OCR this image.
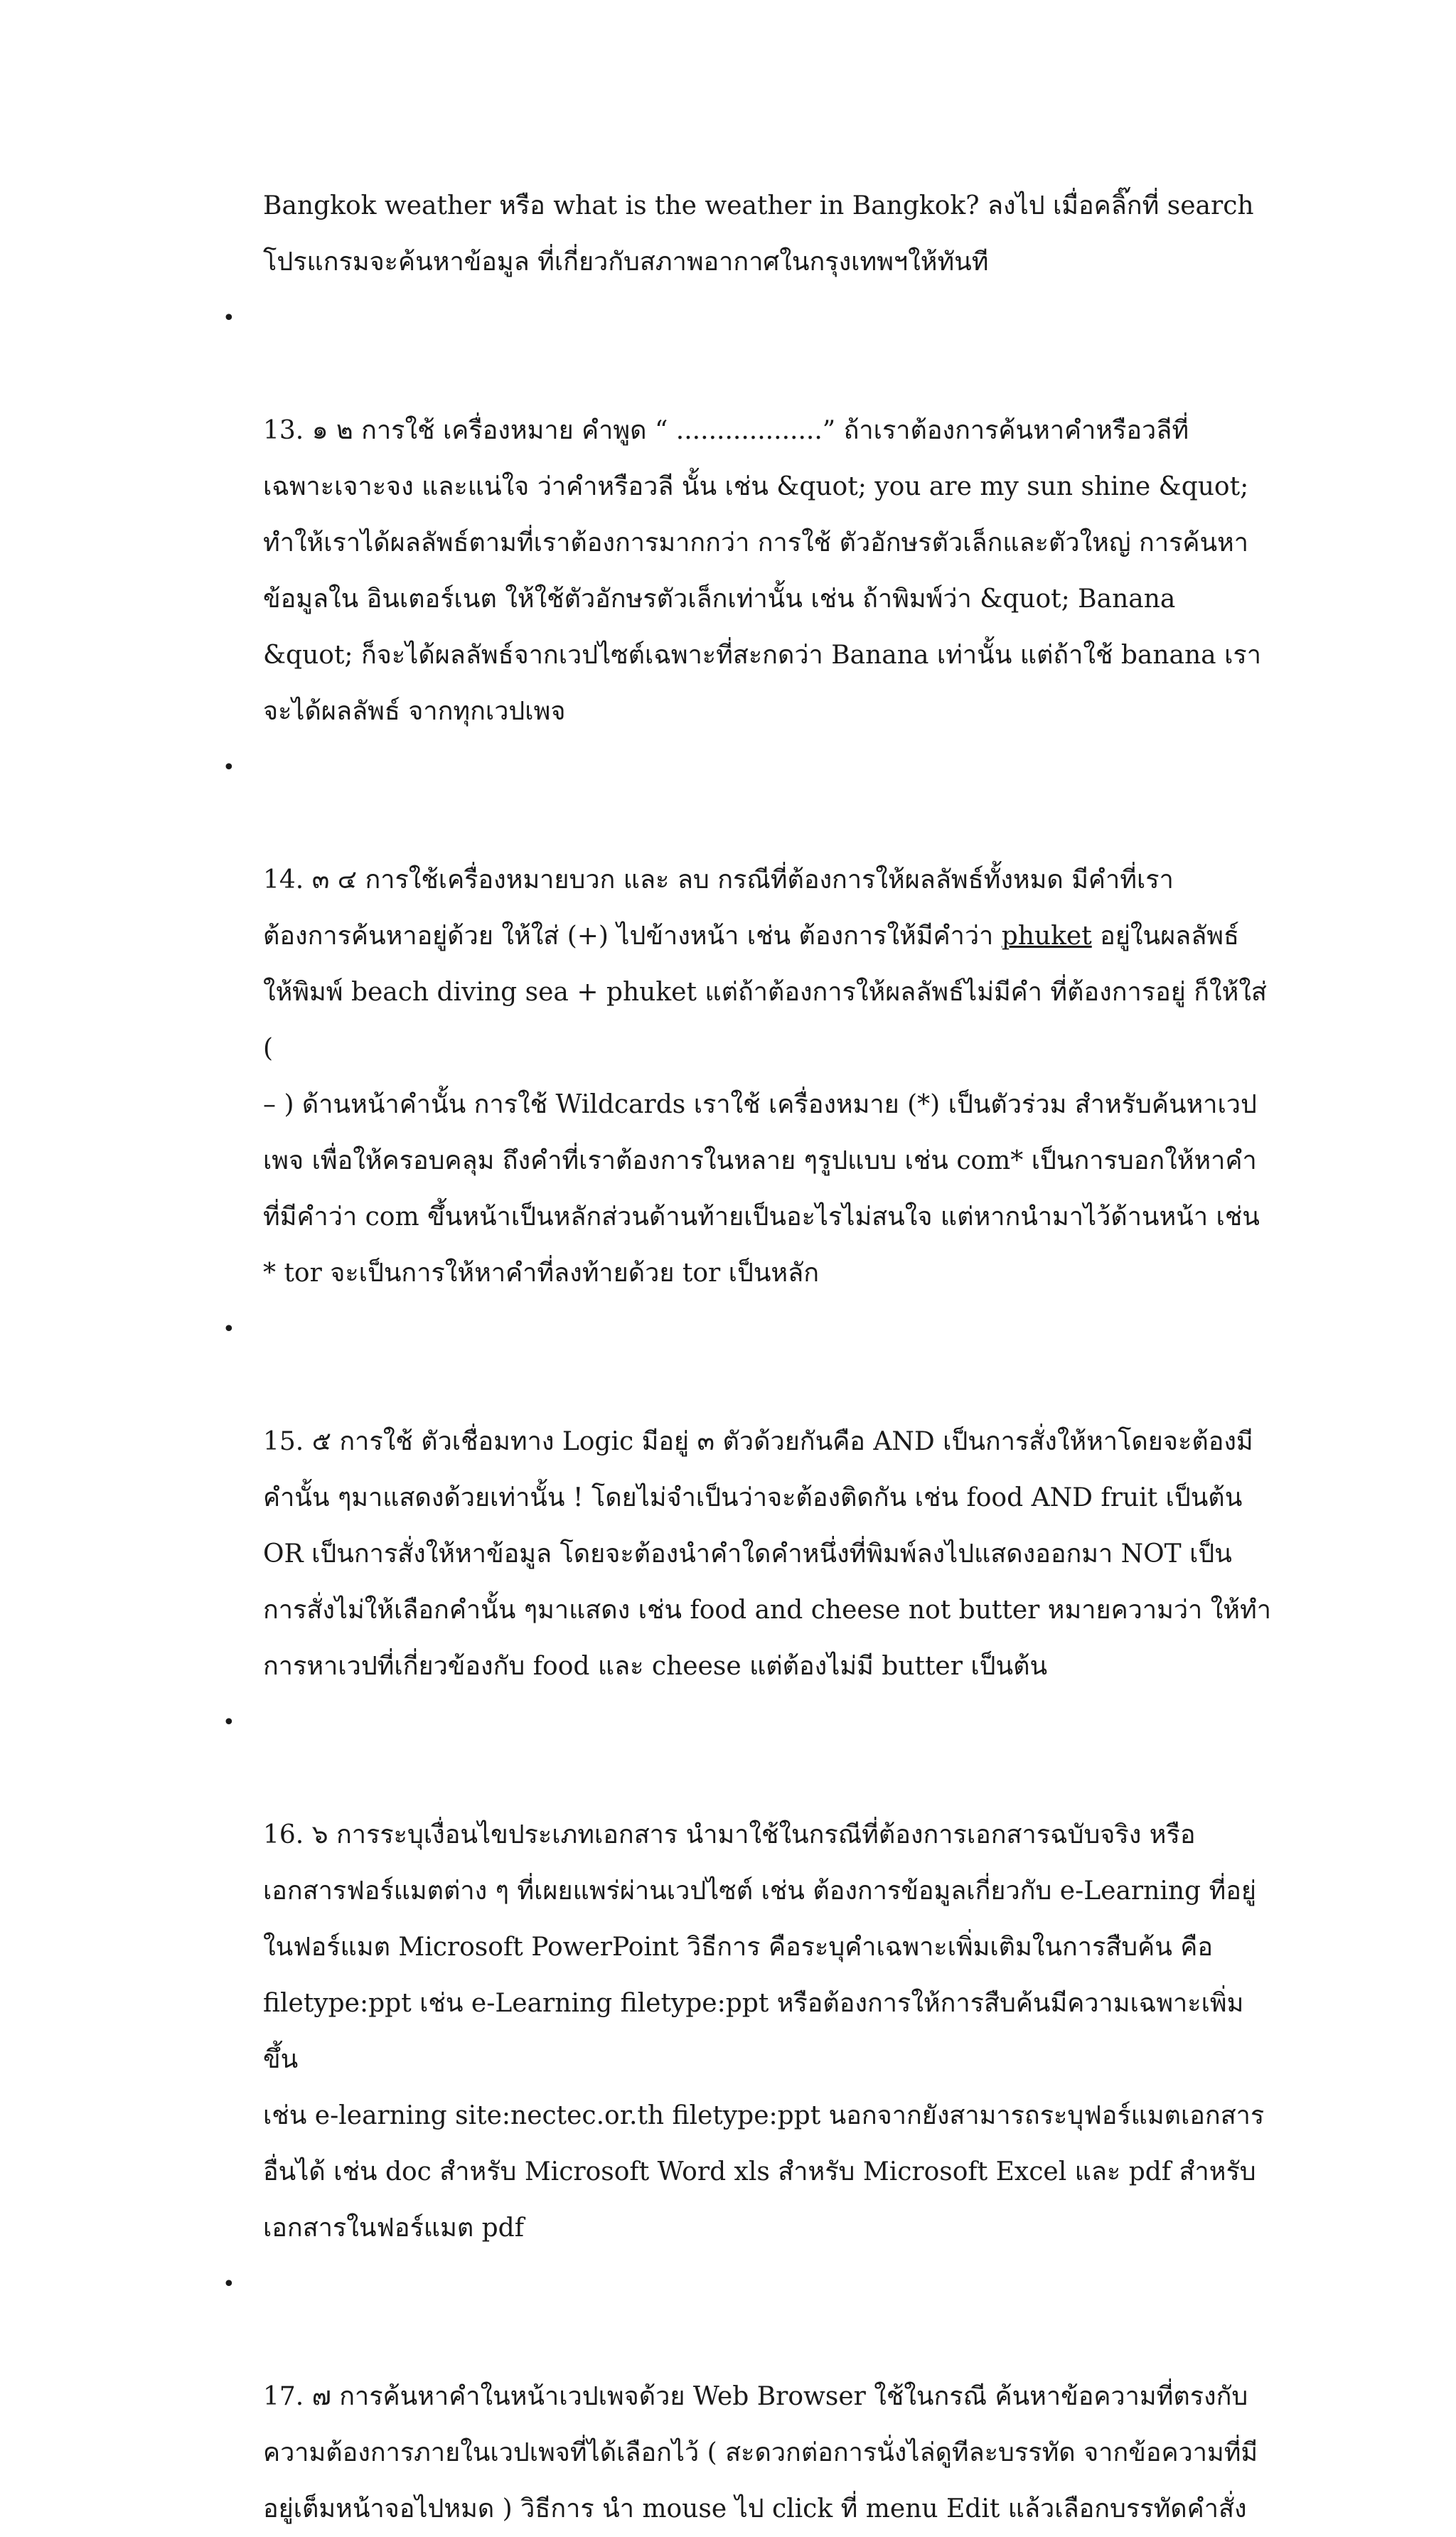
Bangkok weather หรือ what is the weather in Bangkok? ลงไป เมื่อคลิ๊กที่ search
โปรแกรมจะค้นหาข้อมูล ที่เกี่ยวกับสภาพอากาศในกรุงเทพฯให้ทันที

•

13. ๑ ๒ การใช้ เครื่องหมาย คำพูด “ ..................” ถ้าเราต้องการค้นหาคำหรือวลีที่
เฉพาะเจาะจง และแน่ใจ ว่าคำหรือวลี นั้น เช่น &quot; you are my sun shine &quot;
ทำให้เราได้ผลลัพธ์ตามที่เราต้องการมากกว่า การใช้ ตัวอักษรตัวเล็กและตัวใหญ่ การค้นหา
ข้อมูลใน อินเตอร์เนต ให้ใช้ตัวอักษรตัวเล็กเท่านั้น เช่น ถ้าพิมพ์ว่า &quot; Banana
&quot; ก็จะได้ผลลัพธ์จากเวปไซต์เฉพาะที่สะกดว่า Banana เท่านั้น แต่ถ้าใช้ banana เรา
จะได้ผลลัพธ์ จากทุกเวปเพจ

•

14. ๓ ๔ การใช้เครื่องหมายบวก และ ลบ กรณีที่ต้องการให้ผลลัพธ์ทั้งหมด มีคำที่เรา
ต้องการค้นหาอยู่ด้วย ให้ใส่ (+) ไปข้างหน้า เช่น ต้องการให้มีคำว่า phuket อยู่ในผลลัพธ์
ให้พิมพ์ beach diving sea + phuket แต่ถ้าต้องการให้ผลลัพธ์ไม่มีคำ ที่ต้องการอยู่ ก็ให้ใส่ (
– ) ด้านหน้าคำนั้น การใช้ Wildcards เราใช้ เครื่องหมาย (*) เป็นตัวร่วม สำหรับค้นหาเวป
เพจ เพื่อให้ครอบคลุม ถึงคำที่เราต้องการในหลาย ๆรูปแบบ เช่น com* เป็นการบอกให้หาคำ
ที่มีคำว่า com ขึ้นหน้าเป็นหลักส่วนด้านท้ายเป็นอะไรไม่สนใจ แต่หากนำมาไว้ด้านหน้า เช่น
* tor จะเป็นการให้หาคำที่ลงท้ายด้วย tor เป็นหลัก

•

15. ๕ การใช้ ตัวเชื่อมทาง Logic มีอยู่ ๓ ตัวด้วยกันคือ AND เป็นการสั่งให้หาโดยจะต้องมี
คำนั้น ๆมาแสดงด้วยเท่านั้น ! โดยไม่จำเป็นว่าจะต้องติดกัน เช่น food AND fruit เป็นต้น
OR เป็นการสั่งให้หาข้อมูล โดยจะต้องนำคำใดคำหนึ่งที่พิมพ์ลงไปแสดงออกมา NOT เป็น
การสั่งไม่ให้เลือกคำนั้น ๆมาแสดง เช่น food and cheese not butter หมายความว่า ให้ทำ
การหาเวปที่เกี่ยวข้องกับ food และ cheese แต่ต้องไม่มี butter เป็นต้น

•

16. ๖ การระบุเงื่อนไขประเภทเอกสาร นำมาใช้ในกรณีที่ต้องการเอกสารฉบับจริง หรือ
เอกสารฟอร์แมตต่าง ๆ ที่เผยแพร่ผ่านเวปไซต์ เช่น ต้องการข้อมูลเกี่ยวกับ e-Learning ที่อยู่
ในฟอร์แมต Microsoft PowerPoint วิธีการ คือระบุคำเฉพาะเพิ่มเติมในการสืบค้น คือ
filetype:ppt เช่น e-Learning filetype:ppt หรือต้องการให้การสืบค้นมีความเฉพาะเพิ่มขึ้น
เช่น e-learning site:nectec.or.th filetype:ppt นอกจากยังสามารถระบุฟอร์แมตเอกสาร
อื่นได้ เช่น doc สำหรับ Microsoft Word xls สำหรับ Microsoft Excel และ pdf สำหรับ
เอกสารในฟอร์แมต pdf

•

17. ๗ การค้นหาคำในหน้าเวปเพจด้วย Web Browser ใช้ในกรณี ค้นหาข้อความที่ตรงกับ
ความต้องการภายในเวปเพจที่ได้เลือกไว้ ( สะดวกต่อการนั่งไล่ดูทีละบรรทัด จากข้อความที่มี
อยู่เต็มหน้าจอไปหมด ) วิธีการ นำ mouse ไป click ที่ menu Edit แล้วเลือกบรรทัดคำสั่ง
